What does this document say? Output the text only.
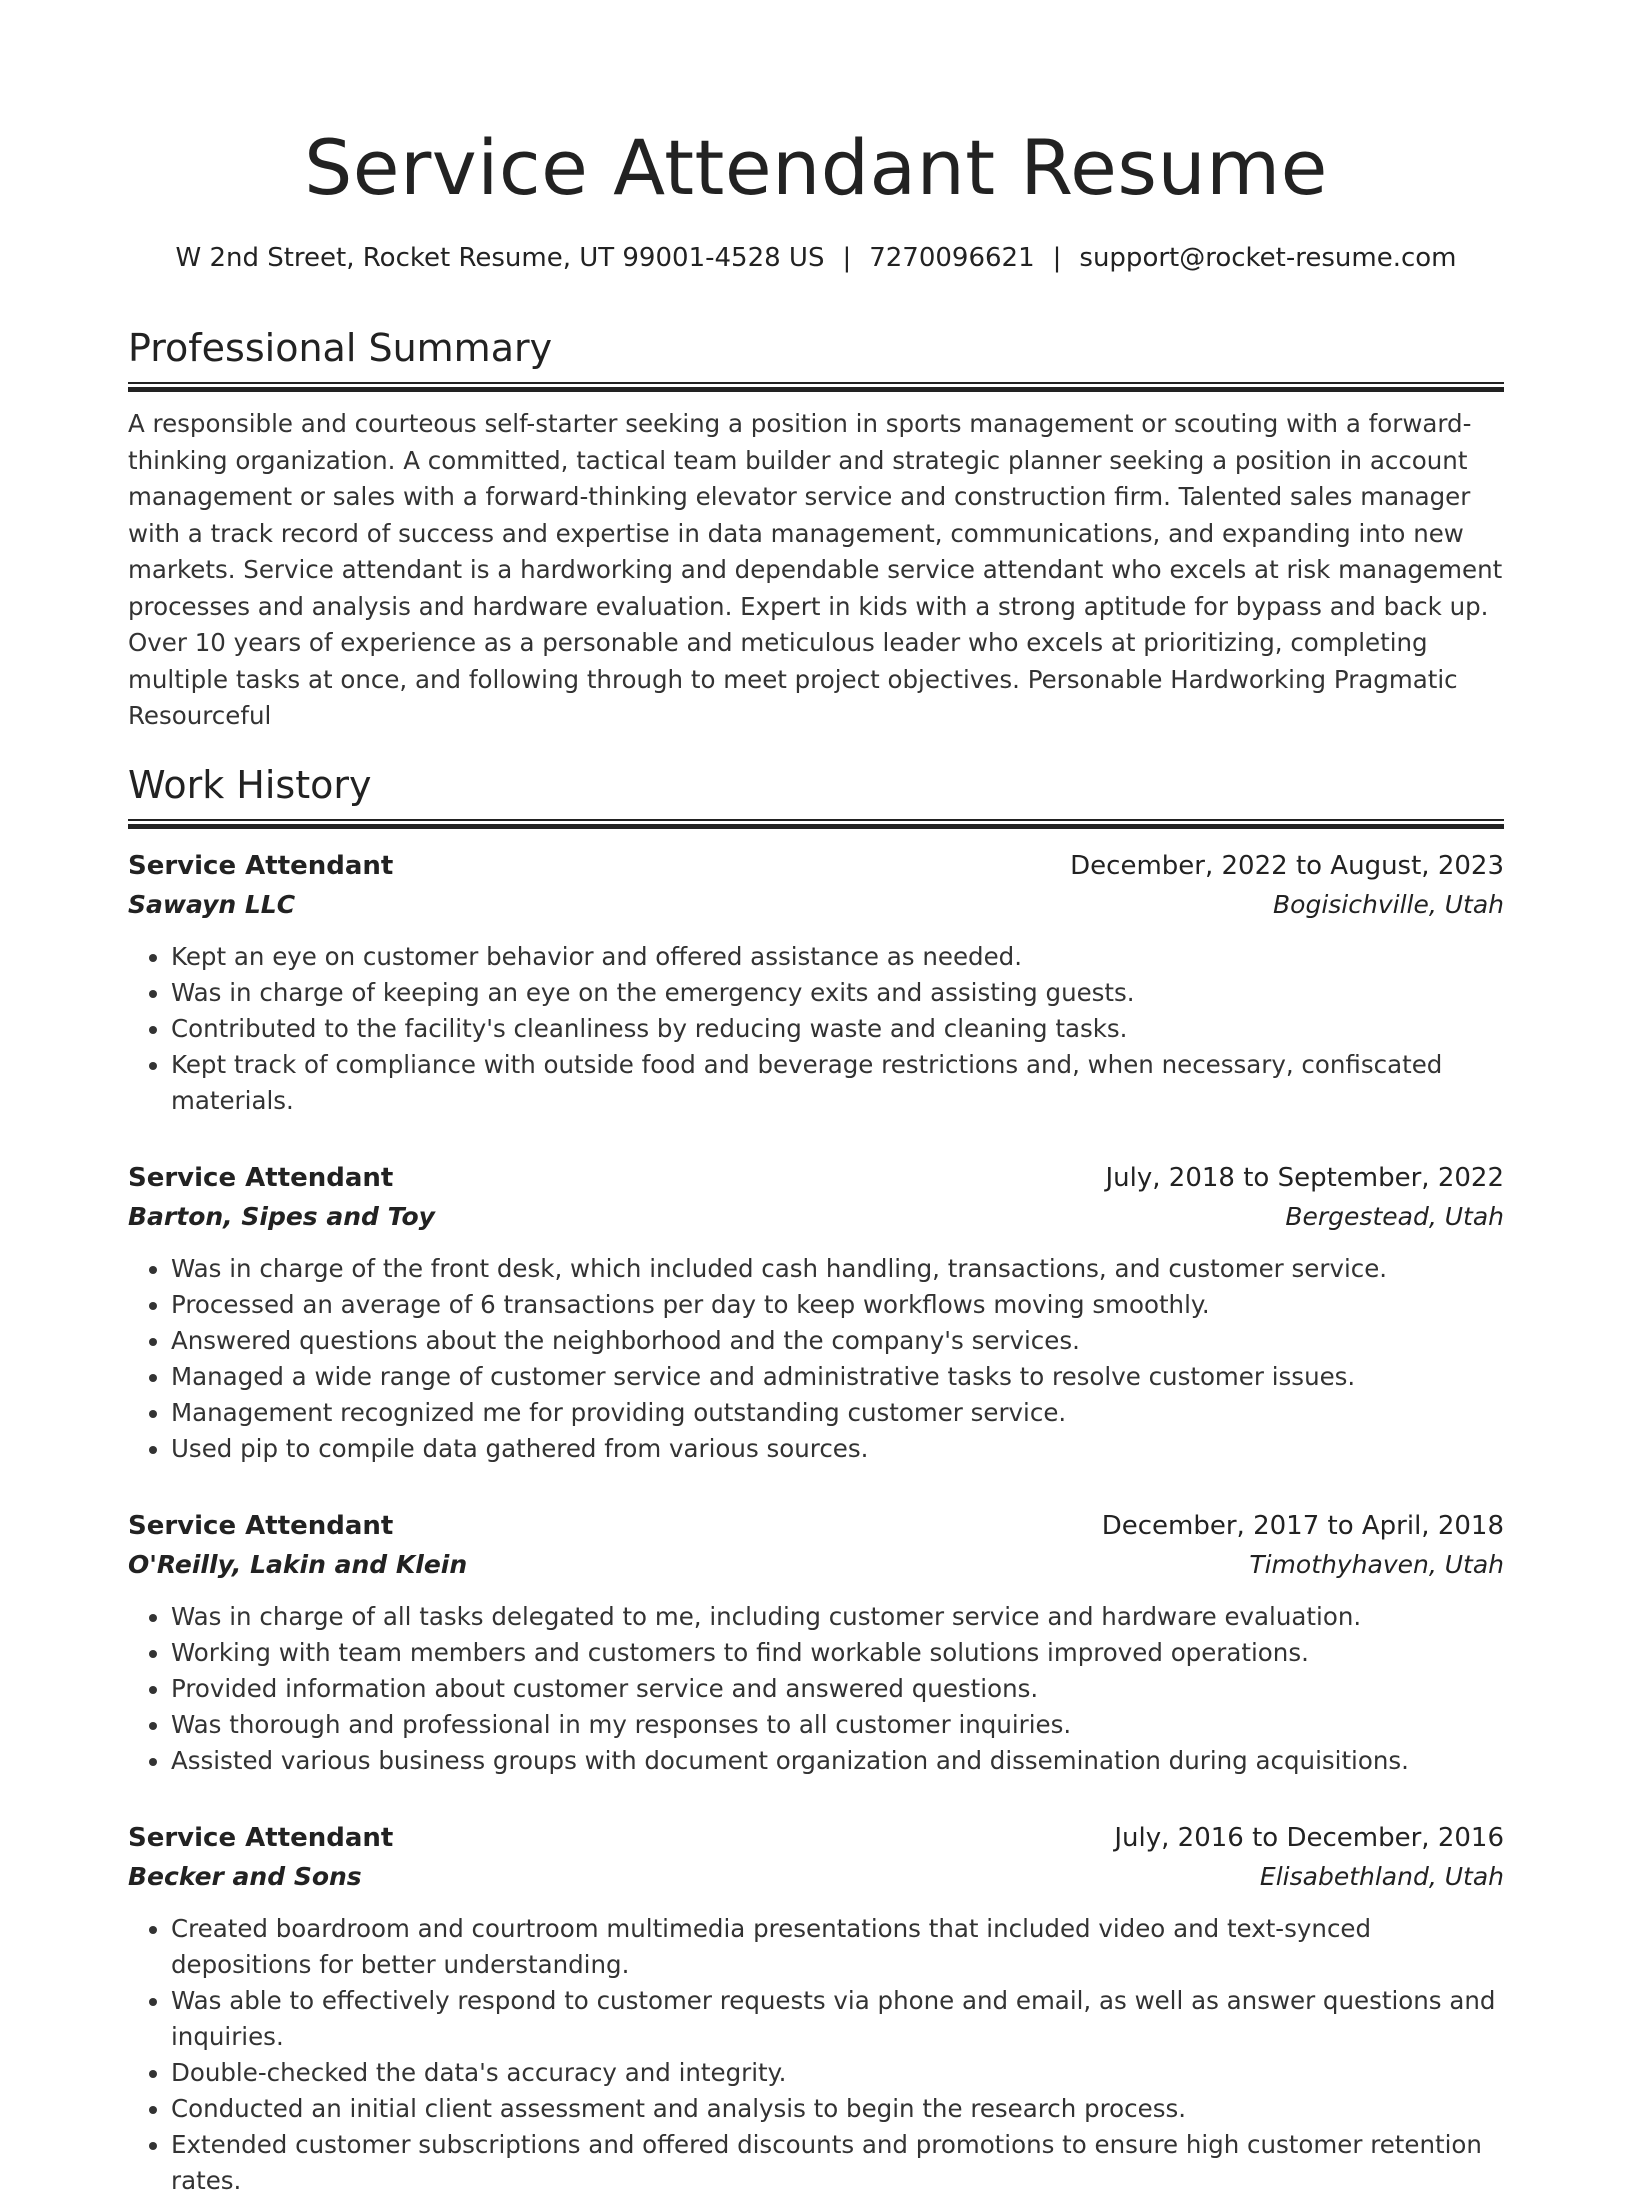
Service Attendant Resume
W 2nd Street, Rocket Resume, UT 99001-4528 US | 7270096621 | support@rocket-resume.com
Professional Summary

A responsible and courteous self-starter seeking a position in sports management or scouting with a forward-thinking organization. A committed, tactical team builder and strategic planner seeking a position in account management or sales with a forward-thinking elevator service and construction firm. Talented sales manager with a track record of success and expertise in data management, communications, and expanding into new markets. Service attendant is a hardworking and dependable service attendant who excels at risk management processes and analysis and hardware evaluation. Expert in kids with a strong aptitude for bypass and back up. Over 10 years of experience as a personable and meticulous leader who excels at prioritizing, completing multiple tasks at once, and following through to meet project objectives. Personable Hardworking Pragmatic Resourceful

Work History
Service Attendant	December, 2022 to August, 2023
Sawayn LLC	Bogisichville, Utah
• Kept an eye on customer behavior and offered assistance as needed.
• Was in charge of keeping an eye on the emergency exits and assisting guests.
• Contributed to the facility's cleanliness by reducing waste and cleaning tasks.
• Kept track of compliance with outside food and beverage restrictions and, when necessary, confiscated materials.
Service Attendant	July, 2018 to September, 2022
Barton, Sipes and Toy	Bergestead, Utah
• Was in charge of the front desk, which included cash handling, transactions, and customer service.
• Processed an average of 6 transactions per day to keep workflows moving smoothly.
• Answered questions about the neighborhood and the company's services.
• Managed a wide range of customer service and administrative tasks to resolve customer issues.
• Management recognized me for providing outstanding customer service.
• Used pip to compile data gathered from various sources.
Service Attendant	December, 2017 to April, 2018
O'Reilly, Lakin and Klein	Timothyhaven, Utah
• Was in charge of all tasks delegated to me, including customer service and hardware evaluation.
• Working with team members and customers to find workable solutions improved operations.
• Provided information about customer service and answered questions.
• Was thorough and professional in my responses to all customer inquiries.
• Assisted various business groups with document organization and dissemination during acquisitions.
Service Attendant	July, 2016 to December, 2016
Becker and Sons	Elisabethland, Utah
• Created boardroom and courtroom multimedia presentations that included video and text-synced depositions for better understanding.
• Was able to effectively respond to customer requests via phone and email, as well as answer questions and inquiries.
• Double-checked the data's accuracy and integrity.
• Conducted an initial client assessment and analysis to begin the research process.
• Extended customer subscriptions and offered discounts and promotions to ensure high customer retention rates.
